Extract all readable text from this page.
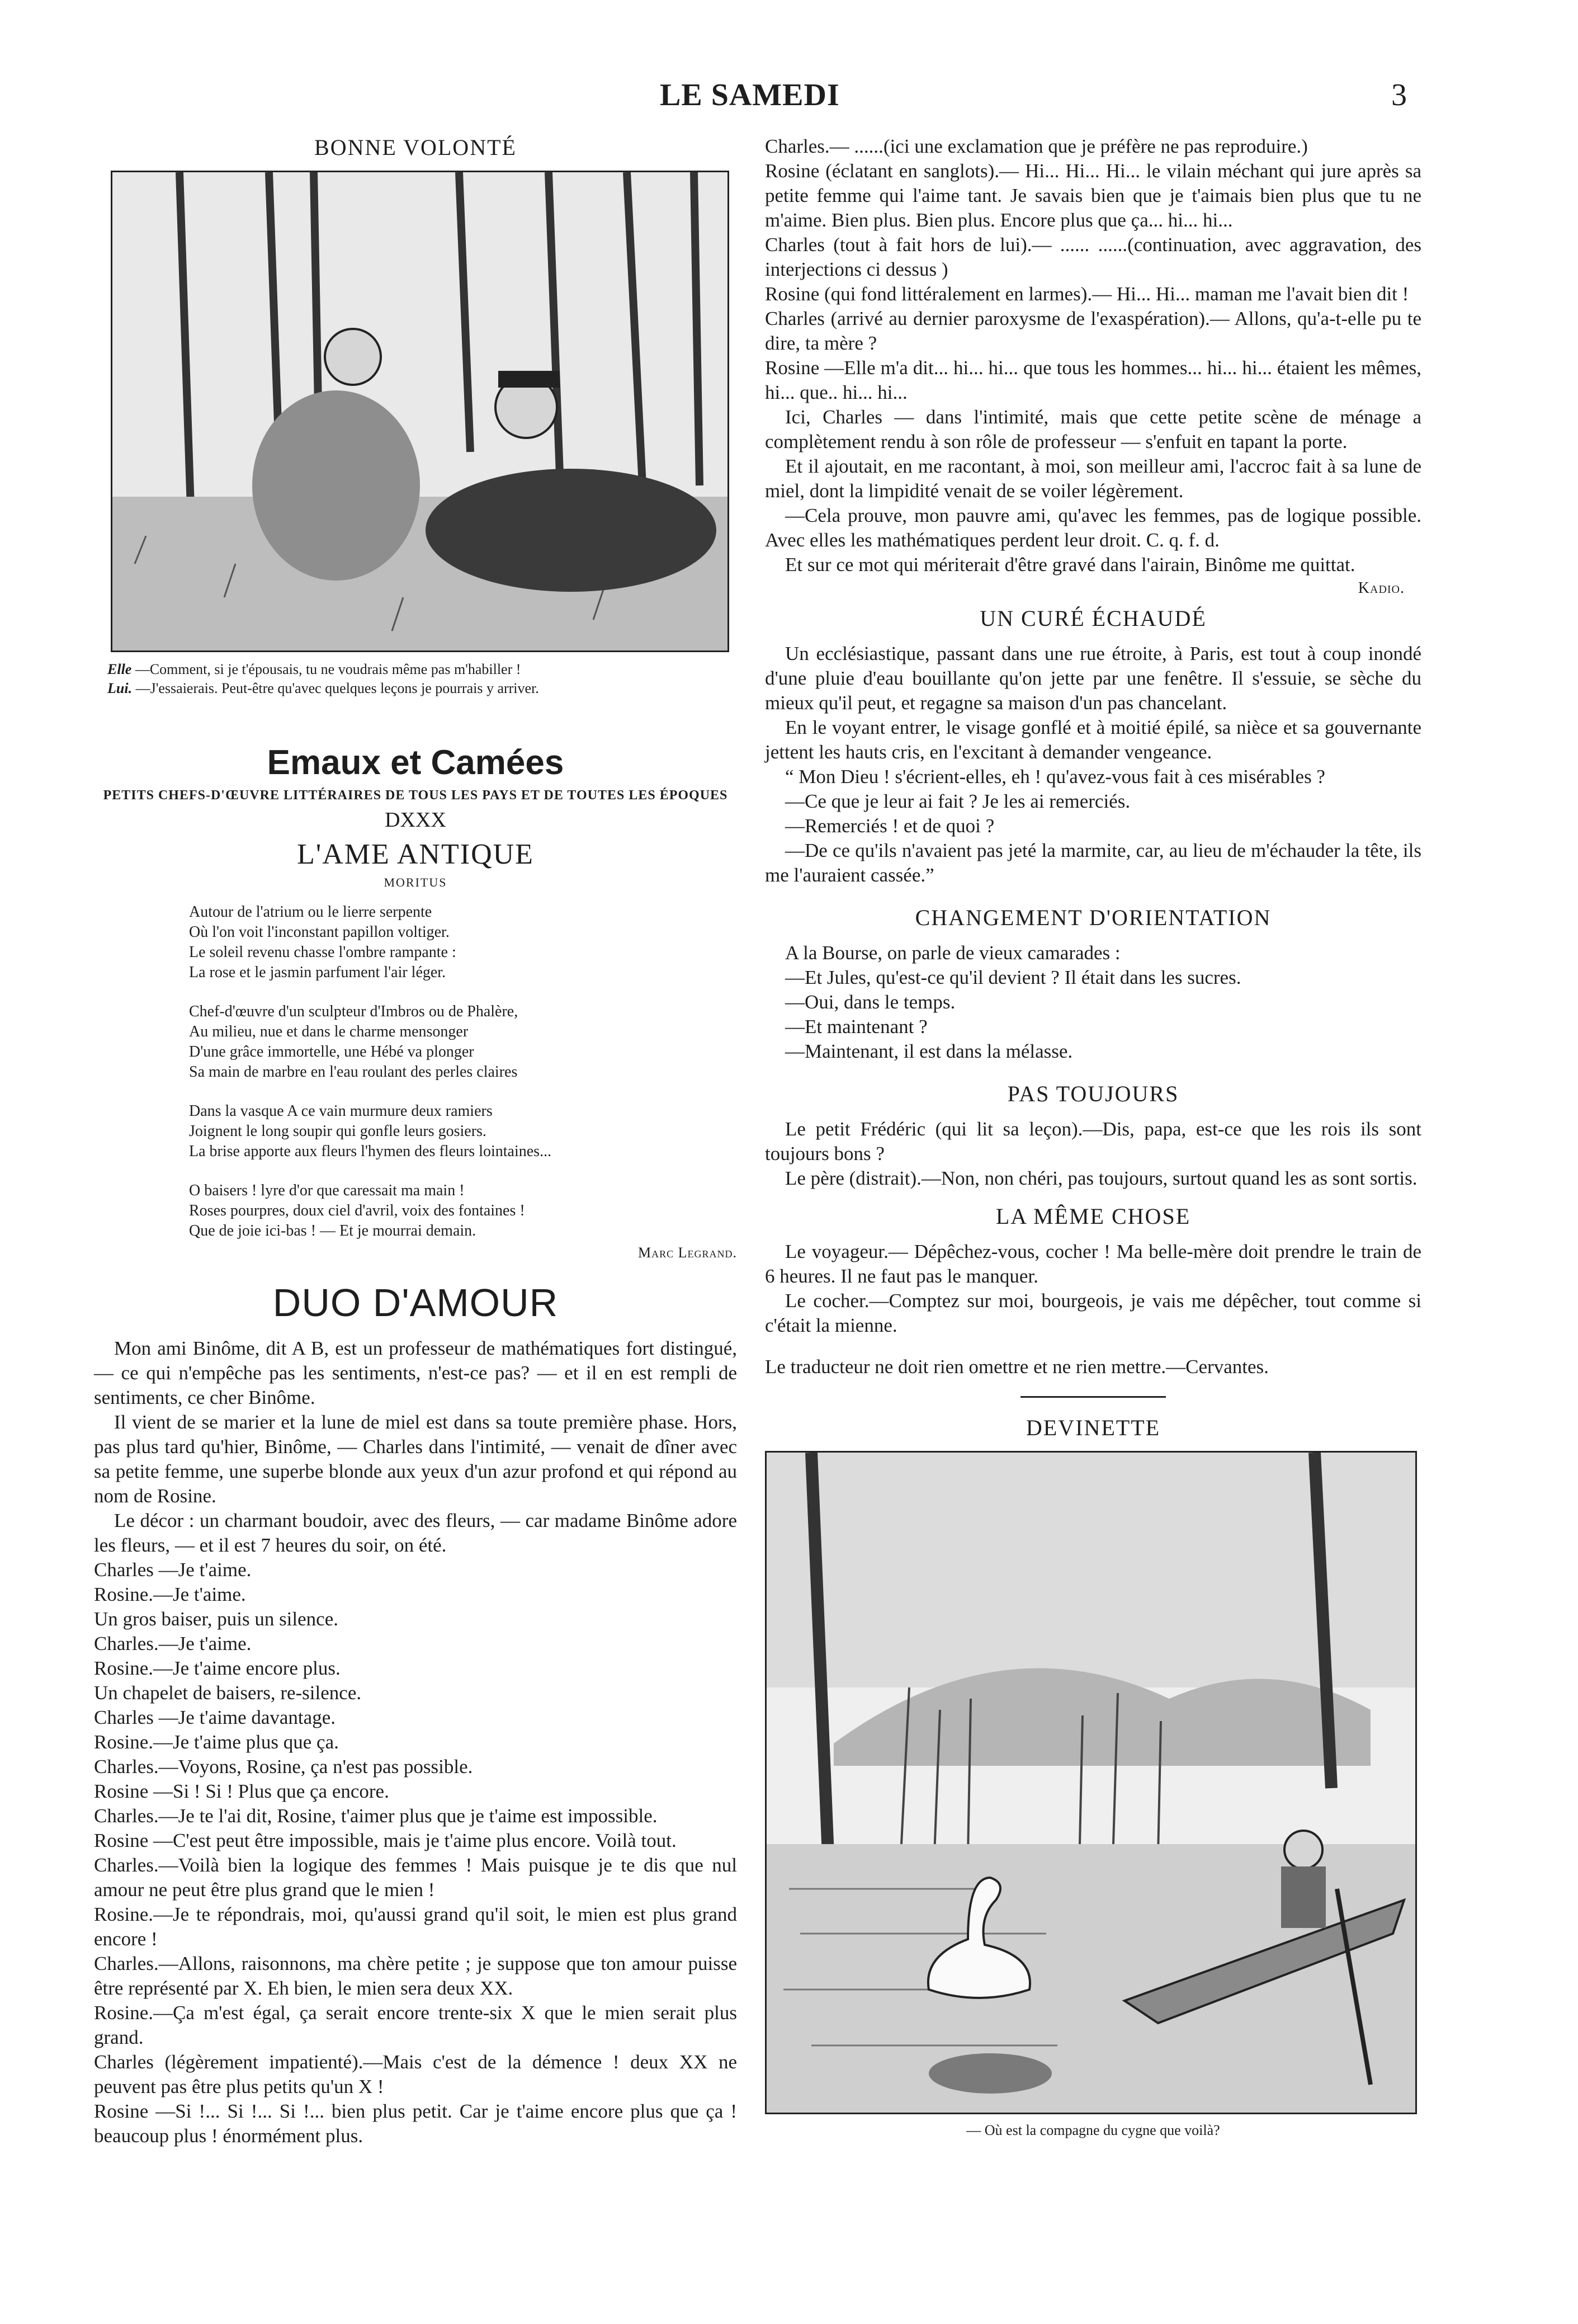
LE SAMEDI	3
BONNE VOLONTÉ
Elle —Comment, si je t'épousais, tu ne voudrais même pas m'habiller !
Lui. —J'essaierais. Peut-être qu'avec quelques leçons je pourrais y arriver.
Emaux et Camées
PETITS CHEFS-D'ŒUVRE LITTÉRAIRES DE TOUS LES PAYS ET DE TOUTES LES ÉPOQUES
DXXX
L'AME ANTIQUE
MORITUS
Autour de l'atrium ou le lierre serpente
Où l'on voit l'inconstant papillon voltiger.
Le soleil revenu chasse l'ombre rampante :
La rose et le jasmin parfument l'air léger.
Chef-d'œuvre d'un sculpteur d'Imbros ou de Phalère,
Au milieu, nue et dans le charme mensonger
D'une grâce immortelle, une Hébé va plonger
Sa main de marbre en l'eau roulant des perles claires
Dans la vasque A ce vain murmure deux ramiers
Joignent le long soupir qui gonfle leurs gosiers.
La brise apporte aux fleurs l'hymen des fleurs lointaines...
O baisers ! lyre d'or que caressait ma main !
Roses pourpres, doux ciel d'avril, voix des fontaines !
Que de joie ici-bas ! — Et je mourrai demain.
Marc Legrand.
DUO D'AMOUR

Mon ami Binôme, dit A B, est un professeur de mathématiques fort distingué, — ce qui n'empêche pas les sentiments, n'est-ce pas? — et il en est rempli de sentiments, ce cher Binôme.

Il vient de se marier et la lune de miel est dans sa toute première phase. Hors, pas plus tard qu'hier, Binôme, — Charles dans l'intimité, — venait de dîner avec sa petite femme, une superbe blonde aux yeux d'un azur profond et qui répond au nom de Rosine.

Le décor : un charmant boudoir, avec des fleurs, — car madame Binôme adore les fleurs, — et il est 7 heures du soir, on été.

Charles —Je t'aime.

Rosine.—Je t'aime.

Un gros baiser, puis un silence.

Charles.—Je t'aime.

Rosine.—Je t'aime encore plus.

Un chapelet de baisers, re-silence.

Charles —Je t'aime davantage.

Rosine.—Je t'aime plus que ça.

Charles.—Voyons, Rosine, ça n'est pas possible.

Rosine —Si ! Si ! Plus que ça encore.

Charles.—Je te l'ai dit, Rosine, t'aimer plus que je t'aime est impossible.

Rosine —C'est peut être impossible, mais je t'aime plus encore. Voilà tout.

Charles.—Voilà bien la logique des femmes ! Mais puisque je te dis que nul amour ne peut être plus grand que le mien !

Rosine.—Je te répondrais, moi, qu'aussi grand qu'il soit, le mien est plus grand encore !

Charles.—Allons, raisonnons, ma chère petite ; je suppose que ton amour puisse être représenté par X. Eh bien, le mien sera deux XX.

Rosine.—Ça m'est égal, ça serait encore trente-six X que le mien serait plus grand.

Charles (légèrement impatienté).—Mais c'est de la démence ! deux XX ne peuvent pas être plus petits qu'un X !

Rosine —Si !... Si !... Si !... bien plus petit. Car je t'aime encore plus que ça ! beaucoup plus ! énormément plus.

Charles.— ......(ici une exclamation que je préfère ne pas reproduire.)

Rosine (éclatant en sanglots).— Hi... Hi... Hi... le vilain méchant qui jure après sa petite femme qui l'aime tant. Je savais bien que je t'aimais bien plus que tu ne m'aime. Bien plus. Bien plus. Encore plus que ça... hi... hi...

Charles (tout à fait hors de lui).— ...... ......(continuation, avec aggravation, des interjections ci dessus )

Rosine (qui fond littéralement en larmes).— Hi... Hi... maman me l'avait bien dit !

Charles (arrivé au dernier paroxysme de l'exaspération).— Allons, qu'a-t-elle pu te dire, ta mère ?

Rosine —Elle m'a dit... hi... hi... que tous les hommes... hi... hi... étaient les mêmes, hi... que.. hi... hi...

Ici, Charles — dans l'intimité, mais que cette petite scène de ménage a complètement rendu à son rôle de professeur — s'enfuit en tapant la porte.

Et il ajoutait, en me racontant, à moi, son meilleur ami, l'accroc fait à sa lune de miel, dont la limpidité venait de se voiler légèrement.

—Cela prouve, mon pauvre ami, qu'avec les femmes, pas de logique possible. Avec elles les mathématiques perdent leur droit. C. q. f. d.

Et sur ce mot qui mériterait d'être gravé dans l'airain, Binôme me quittat.

Kadio.
UN CURÉ ÉCHAUDÉ

Un ecclésiastique, passant dans une rue étroite, à Paris, est tout à coup inondé d'une pluie d'eau bouillante qu'on jette par une fenêtre. Il s'essuie, se sèche du mieux qu'il peut, et regagne sa maison d'un pas chancelant.

En le voyant entrer, le visage gonflé et à moitié épilé, sa nièce et sa gouvernante jettent les hauts cris, en l'excitant à demander vengeance.

“ Mon Dieu ! s'écrient-elles, eh ! qu'avez-vous fait à ces misérables ?

—Ce que je leur ai fait ? Je les ai remerciés.

—Remerciés ! et de quoi ?

—De ce qu'ils n'avaient pas jeté la marmite, car, au lieu de m'échauder la tête, ils me l'auraient cassée.”

CHANGEMENT D'ORIENTATION

A la Bourse, on parle de vieux camarades :

—Et Jules, qu'est-ce qu'il devient ? Il était dans les sucres.

—Oui, dans le temps.

—Et maintenant ?

—Maintenant, il est dans la mélasse.

PAS TOUJOURS

Le petit Frédéric (qui lit sa leçon).—Dis, papa, est-ce que les rois ils sont toujours bons ?

Le père (distrait).—Non, non chéri, pas toujours, surtout quand les as sont sortis.

LA MÊME CHOSE

Le voyageur.— Dépêchez-vous, cocher ! Ma belle-mère doit prendre le train de 6 heures. Il ne faut pas le manquer.

Le cocher.—Comptez sur moi, bourgeois, je vais me dépêcher, tout comme si c'était la mienne.

Le traducteur ne doit rien omettre et ne rien mettre.—Cervantes.

DEVINETTE
— Où est la compagne du cygne que voilà?
